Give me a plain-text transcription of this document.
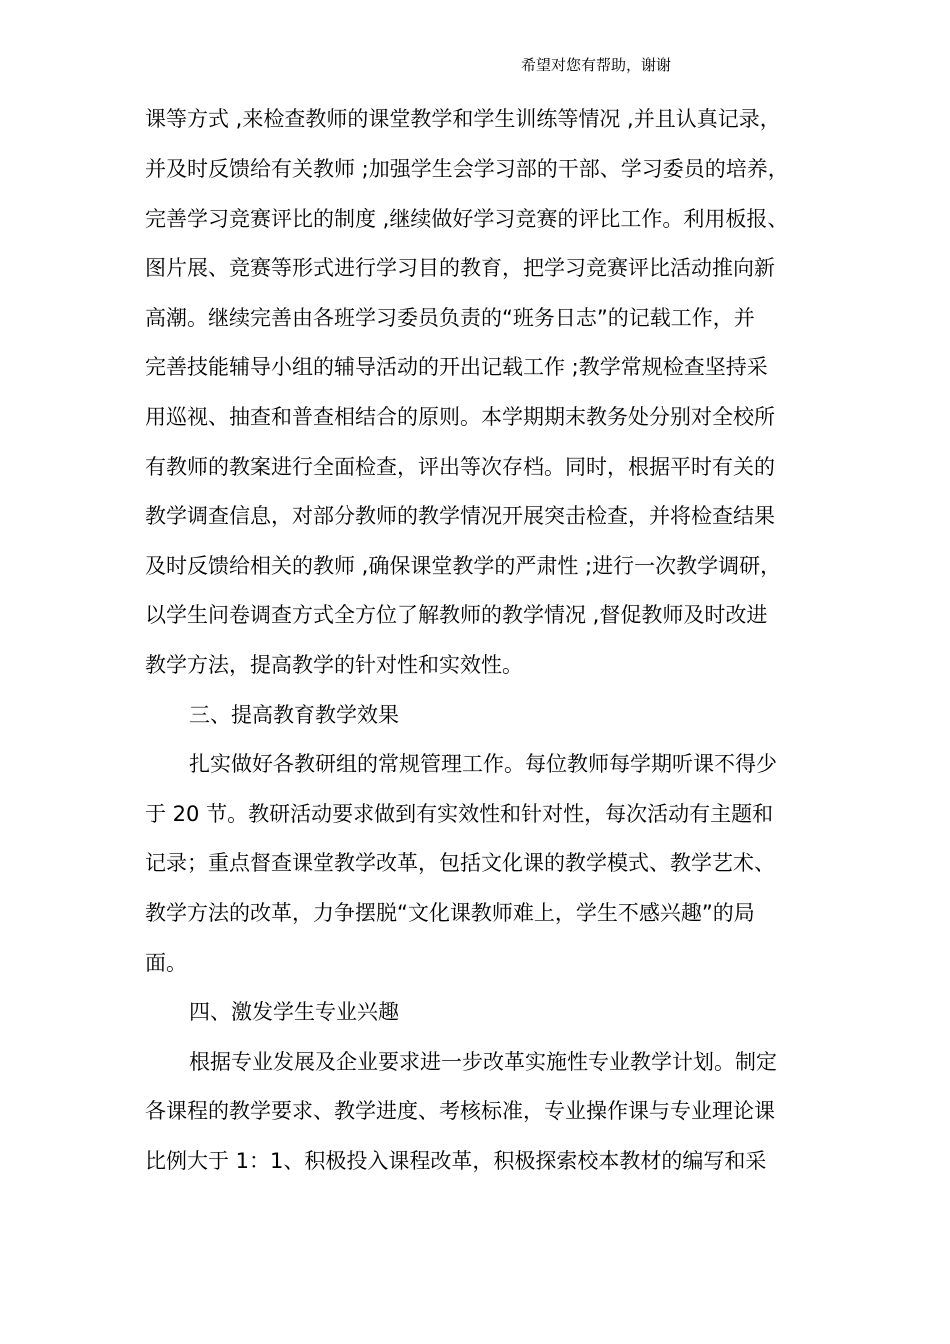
希望对您有帮助，谢谢
课等方式 ,来检查教师的课堂教学和学生训练等情况 ,并且认真记录，
并及时反馈给有关教师 ;加强学生会学习部的干部、学习委员的培养，
完善学习竞赛评比的制度 ,继续做好学习竞赛的评比工作。利用板报、
图片展、竞赛等形式进行学习目的教育，把学习竞赛评比活动推向新
高潮。继续完善由各班学习委员负责的“班务日志”的记载工作，并
完善技能辅导小组的辅导活动的开出记载工作 ;教学常规检查坚持采
用巡视、抽查和普查相结合的原则。本学期期末教务处分别对全校所
有教师的教案进行全面检查，评出等次存档。同时，根据平时有关的
教学调查信息，对部分教师的教学情况开展突击检查，并将检查结果
及时反馈给相关的教师 ,确保课堂教学的严肃性 ;进行一次教学调研，
以学生问卷调查方式全方位了解教师的教学情况 ,督促教师及时改进
教学方法，提高教学的针对性和实效性。
三、提高教育教学效果
扎实做好各教研组的常规管理工作。每位教师每学期听课不得少
于 20 节。教研活动要求做到有实效性和针对性，每次活动有主题和
记录；重点督查课堂教学改革，包括文化课的教学模式、教学艺术、
教学方法的改革，力争摆脱“文化课教师难上，学生不感兴趣”的局
面。
四、激发学生专业兴趣
根据专业发展及企业要求进一步改革实施性专业教学计划。制定
各课程的教学要求、教学进度、考核标准，专业操作课与专业理论课
比例大于 1：1、积极投入课程改革，积极探索校本教材的编写和采
